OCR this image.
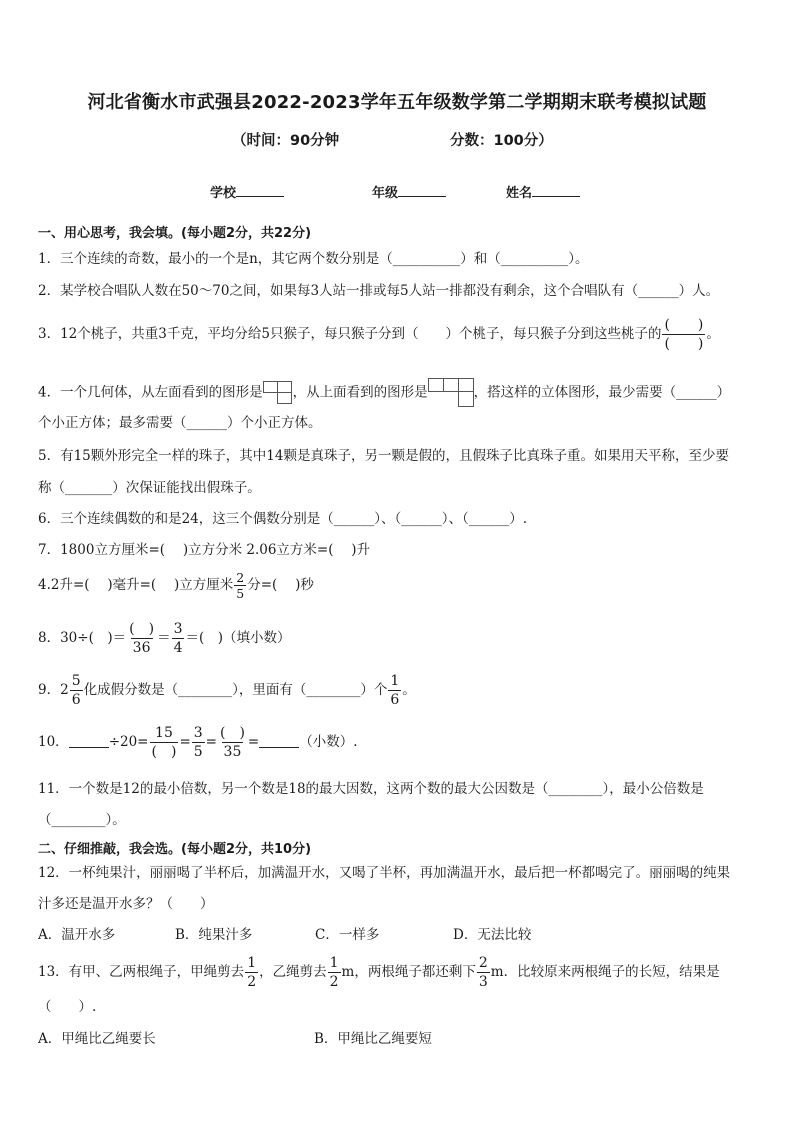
河北省衡水市武强县2022-2023学年五年级数学第二学期期末联考模拟试题
（时间：90分钟	分数：100分）
学校	年级	姓名
一、用心思考，我会填。(每小题2分，共22分)
1．三个连续的奇数，最小的一个是n，其它两个数分别是（__________）和（__________）。
2．某学校合唱队人数在50～70之间，如果每3人站一排或每5人站一排都没有剩余，这个合唱队有（______）人。
3．12个桃子，共重3千克，平均分给5只猴子，每只猴子分到（　　）个桃子，每只猴子分到这些桃子的 $\frac{( )}{( )}$ 。
4．一个几何体，从左面看到的图形是 ，从上面看到的图形是	，搭这样的立体图形，最少需要（______）
个小正方体；最多需要（______）个小正方体。
5．有15颗外形完全一样的珠子，其中14颗是真珠子，另一颗是假的，且假珠子比真珠子重。如果用天平称，至少要
称（_______）次保证能找出假珠子。
6．三个连续偶数的和是24，这三个偶数分别是（______）、（______）、（______）.
7．1800立方厘米=(　 )立方分米 2.06立方米=(　 )升
4.2升=(　 )毫升=(　 )立方厘米 $\frac{2}{5}$ 分=(　 )秒
8．30÷(　)＝ $\frac{( )}{36} = \frac{3}{4}$ ＝(　)（填小数）
9．$2 \frac{5}{6}$ 化成假分数是（________），里面有（________）个 $\frac{1}{6}$ 。
10．	$\div 20= \frac{15}{( )} = \frac{3}{5} = \frac{( )}{35}$ =	（小数）.
11．一个数是12的最小倍数，另一个数是18的最大因数，这两个数的最大公因数是（________），最小公倍数是
（________）。
二、仔细推敲，我会选。(每小题2分，共10分)
12．一杯纯果汁，丽丽喝了半杯后，加满温开水，又喝了半杯，再加满温开水，最后把一杯都喝完了。丽丽喝的纯果
汁多还是温开水多？（　　）
A．温开水多	B．纯果汁多	C．一样多	D．无法比较
13．有甲、乙两根绳子，甲绳剪去 $\frac{1}{2}$ ，乙绳剪去 $\frac{1}{2}$ m，两根绳子都还剩下 $\frac{2}{3}$ m．比较原来两根绳子的长短，结果是
（　　）.
A．甲绳比乙绳要长	B．甲绳比乙绳要短
